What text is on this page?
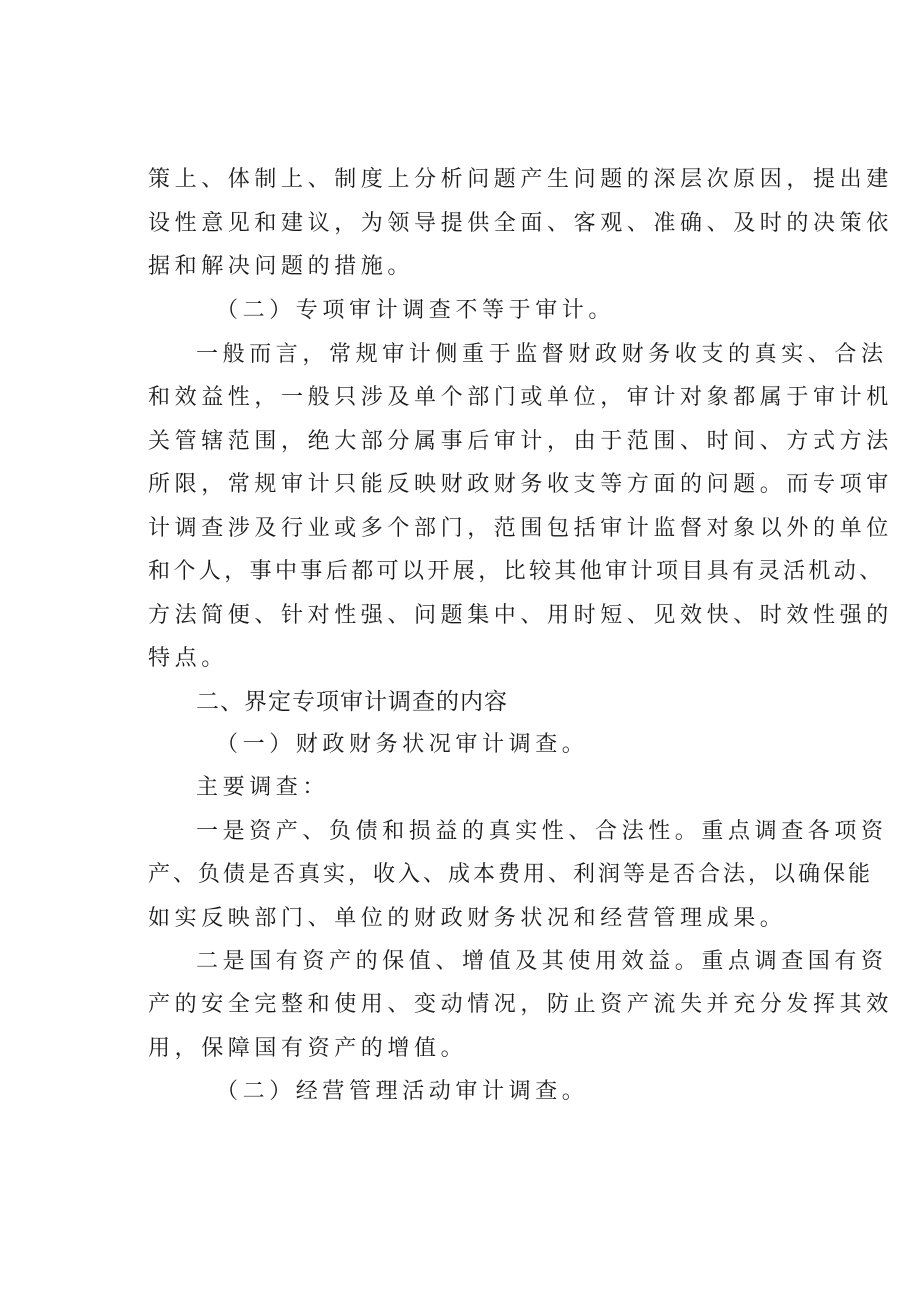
策上、体制上、制度上分析问题产生问题的深层次原因，提出建
设性意见和建议，为领导提供全面、客观、准确、及时的决策依
据和解决问题的措施。
（二）专项审计调查不等于审计。
一般而言，常规审计侧重于监督财政财务收支的真实、合法
和效益性，一般只涉及单个部门或单位，审计对象都属于审计机
关管辖范围，绝大部分属事后审计，由于范围、时间、方式方法
所限，常规审计只能反映财政财务收支等方面的问题。而专项审
计调查涉及行业或多个部门，范围包括审计监督对象以外的单位
和个人，事中事后都可以开展，比较其他审计项目具有灵活机动、
方法简便、针对性强、问题集中、用时短、见效快、时效性强的
特点。
二、界定专项审计调查的内容
（一）财政财务状况审计调查。
主要调查：
一是资产、负债和损益的真实性、合法性。重点调查各项资
产、负债是否真实，收入、成本费用、利润等是否合法，以确保能
如实反映部门、单位的财政财务状况和经营管理成果。
二是国有资产的保值、增值及其使用效益。重点调查国有资
产的安全完整和使用、变动情况，防止资产流失并充分发挥其效
用，保障国有资产的增值。
（二）经营管理活动审计调查。
